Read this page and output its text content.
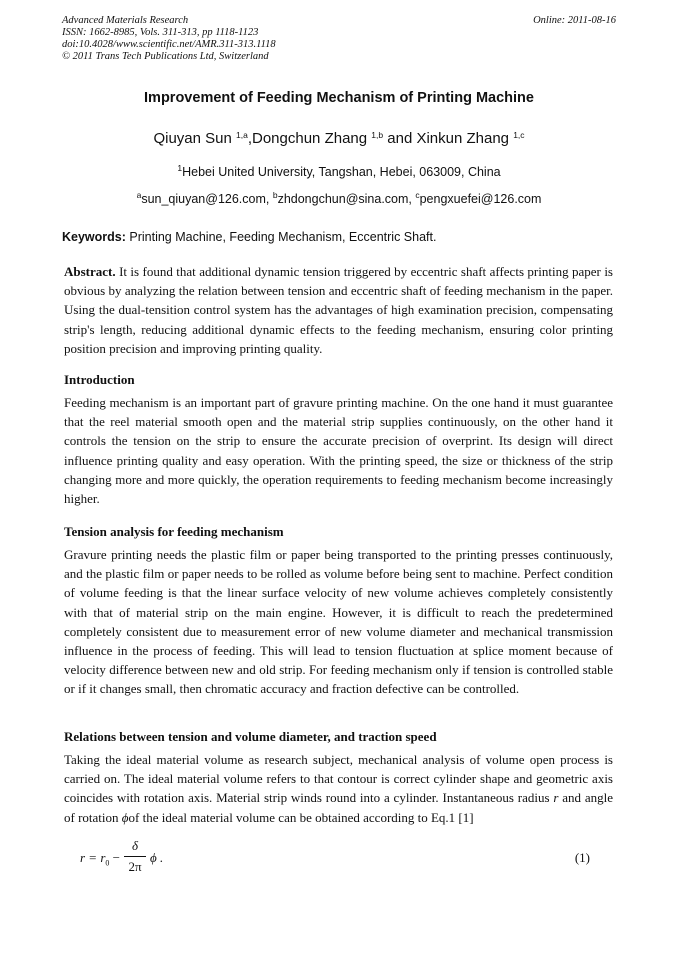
Advanced Materials Research
ISSN: 1662-8985, Vols. 311-313, pp 1118-1123
doi:10.4028/www.scientific.net/AMR.311-313.1118
© 2011 Trans Tech Publications Ltd, Switzerland
Online: 2011-08-16
Improvement of Feeding Mechanism of Printing Machine
Qiuyan Sun $^{1,a}$,Dongchun Zhang $^{1,b}$ and Xinkun Zhang $^{1,c}$
$^1$Hebei United University, Tangshan, Hebei, 063009, China
$^a$sun_qiuyan@126.com, $^b$zhdongchun@sina.com, $^c$pengxuefei@126.com
Keywords: Printing Machine, Feeding Mechanism, Eccentric Shaft.
Abstract. It is found that additional dynamic tension triggered by eccentric shaft affects printing paper is obvious by analyzing the relation between tension and eccentric shaft of feeding mechanism in the paper. Using the dual-tensition control system has the advantages of high examination precision, compensating strip's length, reducing additional dynamic effects to the feeding mechanism, ensuring color printing position precision and improving printing quality.
Introduction
Feeding mechanism is an important part of gravure printing machine. On the one hand it must guarantee that the reel material smooth open and the material strip supplies continuously, on the other hand it controls the tension on the strip to ensure the accurate precision of overprint. Its design will direct influence printing quality and easy operation. With the printing speed, the size or thickness of the strip changing more and more quickly, the operation requirements to feeding mechanism become increasingly higher.
Tension analysis for feeding mechanism
Gravure printing needs the plastic film or paper being transported to the printing presses continuously, and the plastic film or paper needs to be rolled as volume before being sent to machine. Perfect condition of volume feeding is that the linear surface velocity of new volume achieves completely consistently with that of material strip on the main engine. However, it is difficult to reach the predetermined completely consistent due to measurement error of new volume diameter and mechanical transmission influence in the process of feeding. This will lead to tension fluctuation at splice moment because of velocity difference between new and old strip. For feeding mechanism only if tension is controlled stable or if it changes small, then chromatic accuracy and fraction defective can be controlled.
Relations between tension and volume diameter, and traction speed
Taking the ideal material volume as research subject, mechanical analysis of volume open process is carried on. The ideal material volume refers to that contour is correct cylinder shape and geometric axis coincides with rotation axis. Material strip winds round into a cylinder. Instantaneous radius r and angle of rotation ϕof the ideal material volume can be obtained according to Eq.1 [1]
$r = r_0$ −
δ
2π
ϕ .	(1)
